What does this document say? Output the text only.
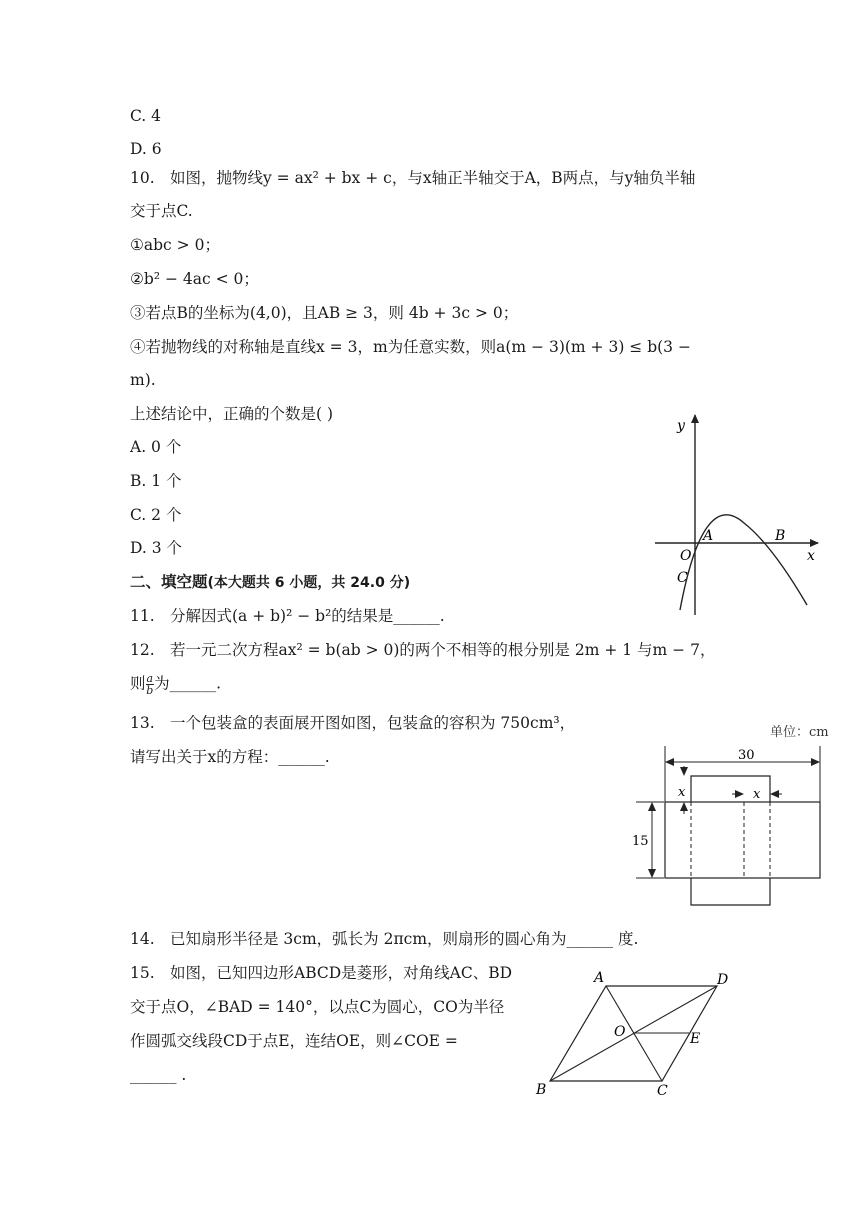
C. 4
D. 6
10. 如图，抛物线y = ax² + bx + c，与x轴正半轴交于A，B两点，与y轴负半轴
交于点C.
①abc > 0；
②b² − 4ac < 0；
③若点B的坐标为(4,0)，且AB ≥ 3，则 4b + 3c > 0；
④若抛物线的对称轴是直线x = 3，m为任意实数，则a(m − 3)(m + 3) ≤ b(3 −
m).
上述结论中，正确的个数是( )
A. 0 个
B. 1 个
C. 2 个
D. 3 个
y
x
O
A	B
C
二、填空题(本大题共 6 小题，共 24.0 分)
11. 分解因式(a + b)² − b²的结果是______.
12. 若一元二次方程ax² = b(ab > 0)的两个不相等的根分别是 2m + 1 与m − 7，
则 $\frac{a}{b}$ 为______.
13. 一个包装盒的表面展开图如图，包装盒的容积为 750cm³，
请写出关于x的方程：______.
单位：cm
30
x	x
15
14. 已知扇形半径是 3cm，弧长为 2πcm，则扇形的圆心角为______ 度.
15. 如图，已知四边形ABCD是菱形，对角线AC、BD
交于点O，∠BAD = 140°，以点C为圆心，CO为半径
作圆弧交线段CD于点E，连结OE，则∠COE =
______ .
A	D
B	C
O	E
